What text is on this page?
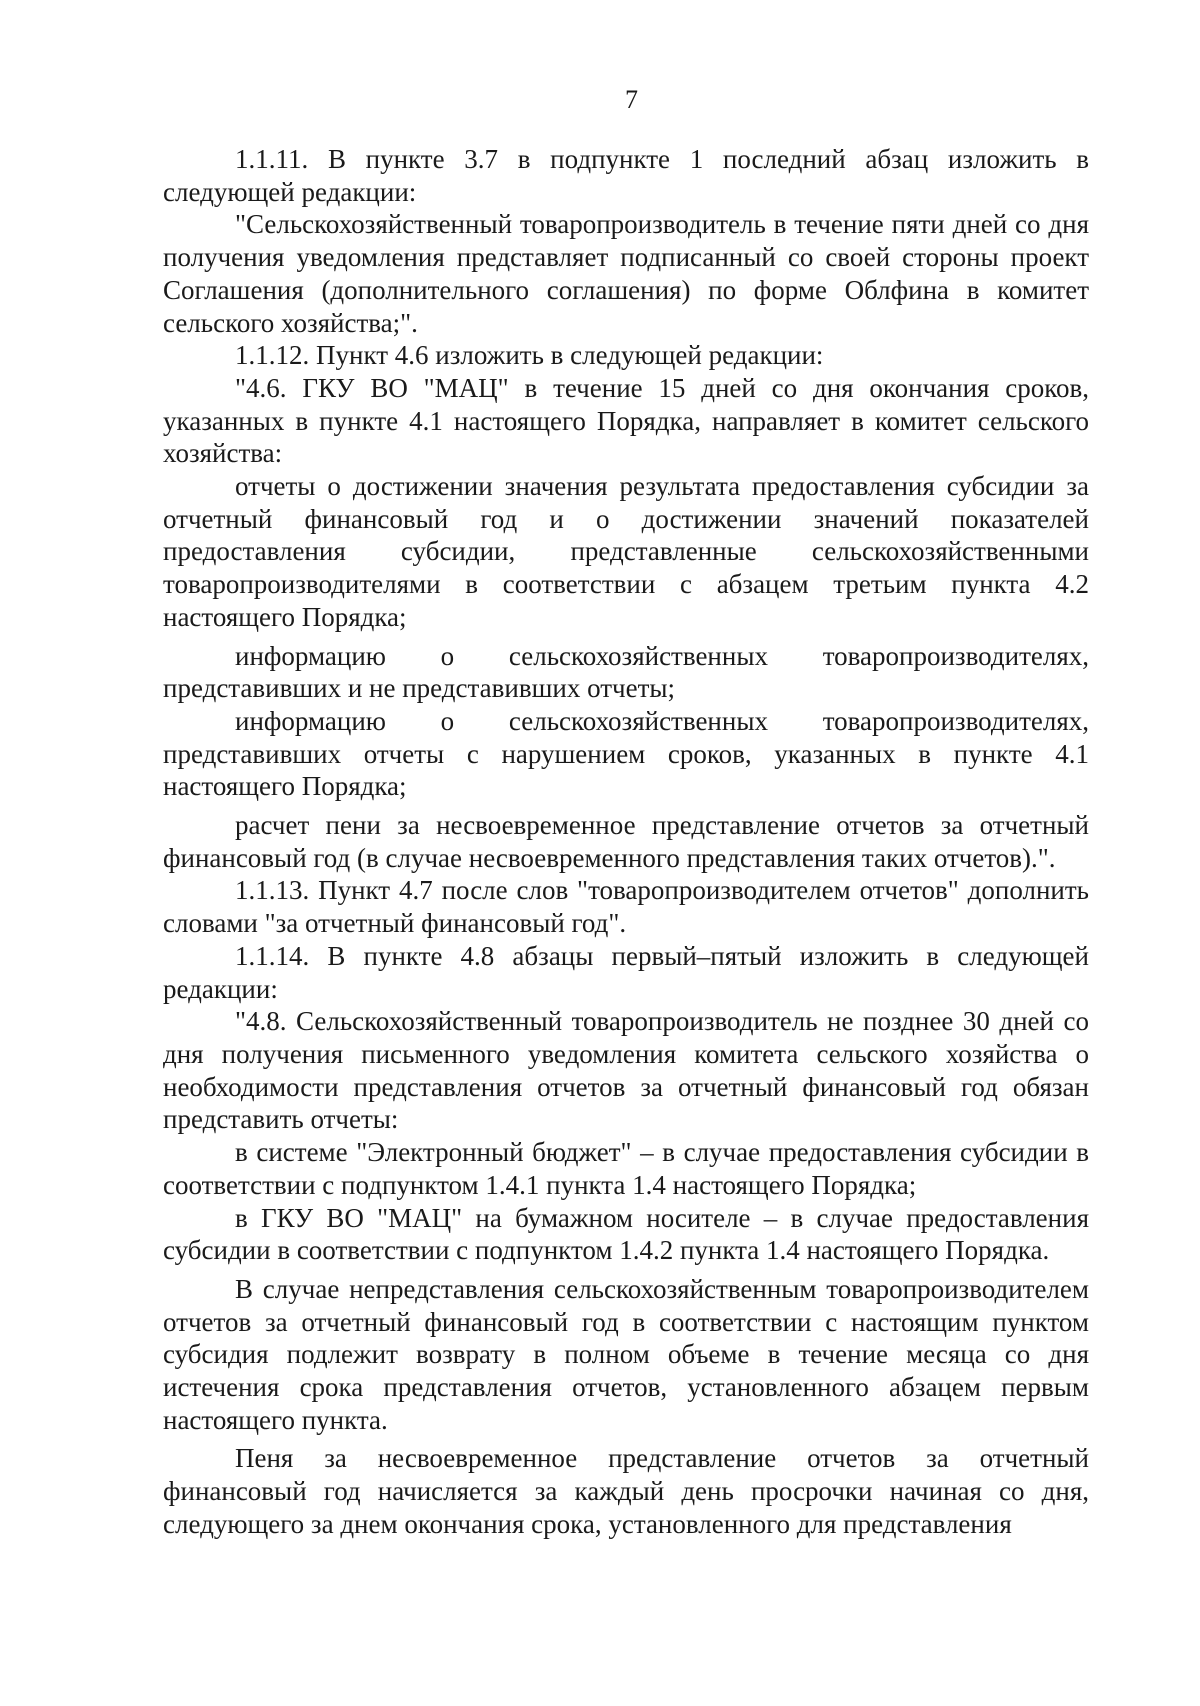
7

1.1.11. В пункте 3.7 в подпункте 1 последний абзац изложить в следующей редакции:

"Сельскохозяйственный товаропроизводитель в течение пяти дней со дня получения уведомления представляет подписанный со своей стороны проект Соглашения (дополнительного соглашения) по форме Облфина в комитет сельского хозяйства;".

1.1.12. Пункт 4.6 изложить в следующей редакции:

"4.6. ГКУ ВО "МАЦ" в течение 15 дней со дня окончания сроков, указанных в пункте 4.1 настоящего Порядка, направляет в комитет сельского хозяйства:

отчеты о достижении значения результата предоставления субсидии за отчетный финансовый год и о достижении значений показателей предоставления субсидии, представленные сельскохозяйственными товаропроизводителями в соответствии с абзацем третьим пункта 4.2 настоящего Порядка;

информацию о сельскохозяйственных товаропроизводителях, представивших и не представивших отчеты;

информацию о сельскохозяйственных товаропроизводителях, представивших отчеты с нарушением сроков, указанных в пункте 4.1 настоящего Порядка;

расчет пени за несвоевременное представление отчетов за отчетный финансовый год (в случае несвоевременного представления таких отчетов).".

1.1.13. Пункт 4.7 после слов "товаропроизводителем отчетов" дополнить словами "за отчетный финансовый год".

1.1.14. В пункте 4.8 абзацы первый–пятый изложить в следующей редакции:

"4.8. Сельскохозяйственный товаропроизводитель не позднее 30 дней со дня получения письменного уведомления комитета сельского хозяйства о необходимости представления отчетов за отчетный финансовый год обязан представить отчеты:

в системе "Электронный бюджет" – в случае предоставления субсидии в соответствии с подпунктом 1.4.1 пункта 1.4 настоящего Порядка;

в ГКУ ВО "МАЦ" на бумажном носителе – в случае предоставления субсидии в соответствии с подпунктом 1.4.2 пункта 1.4 настоящего Порядка.

В случае непредставления сельскохозяйственным товаропроизводителем отчетов за отчетный финансовый год в соответствии с настоящим пунктом субсидия подлежит возврату в полном объеме в течение месяца со дня истечения срока представления отчетов, установленного абзацем первым настоящего пункта.

Пеня за несвоевременное представление отчетов за отчетный финансовый год начисляется за каждый день просрочки начиная со дня, следующего за днем окончания срока, установленного для представления
